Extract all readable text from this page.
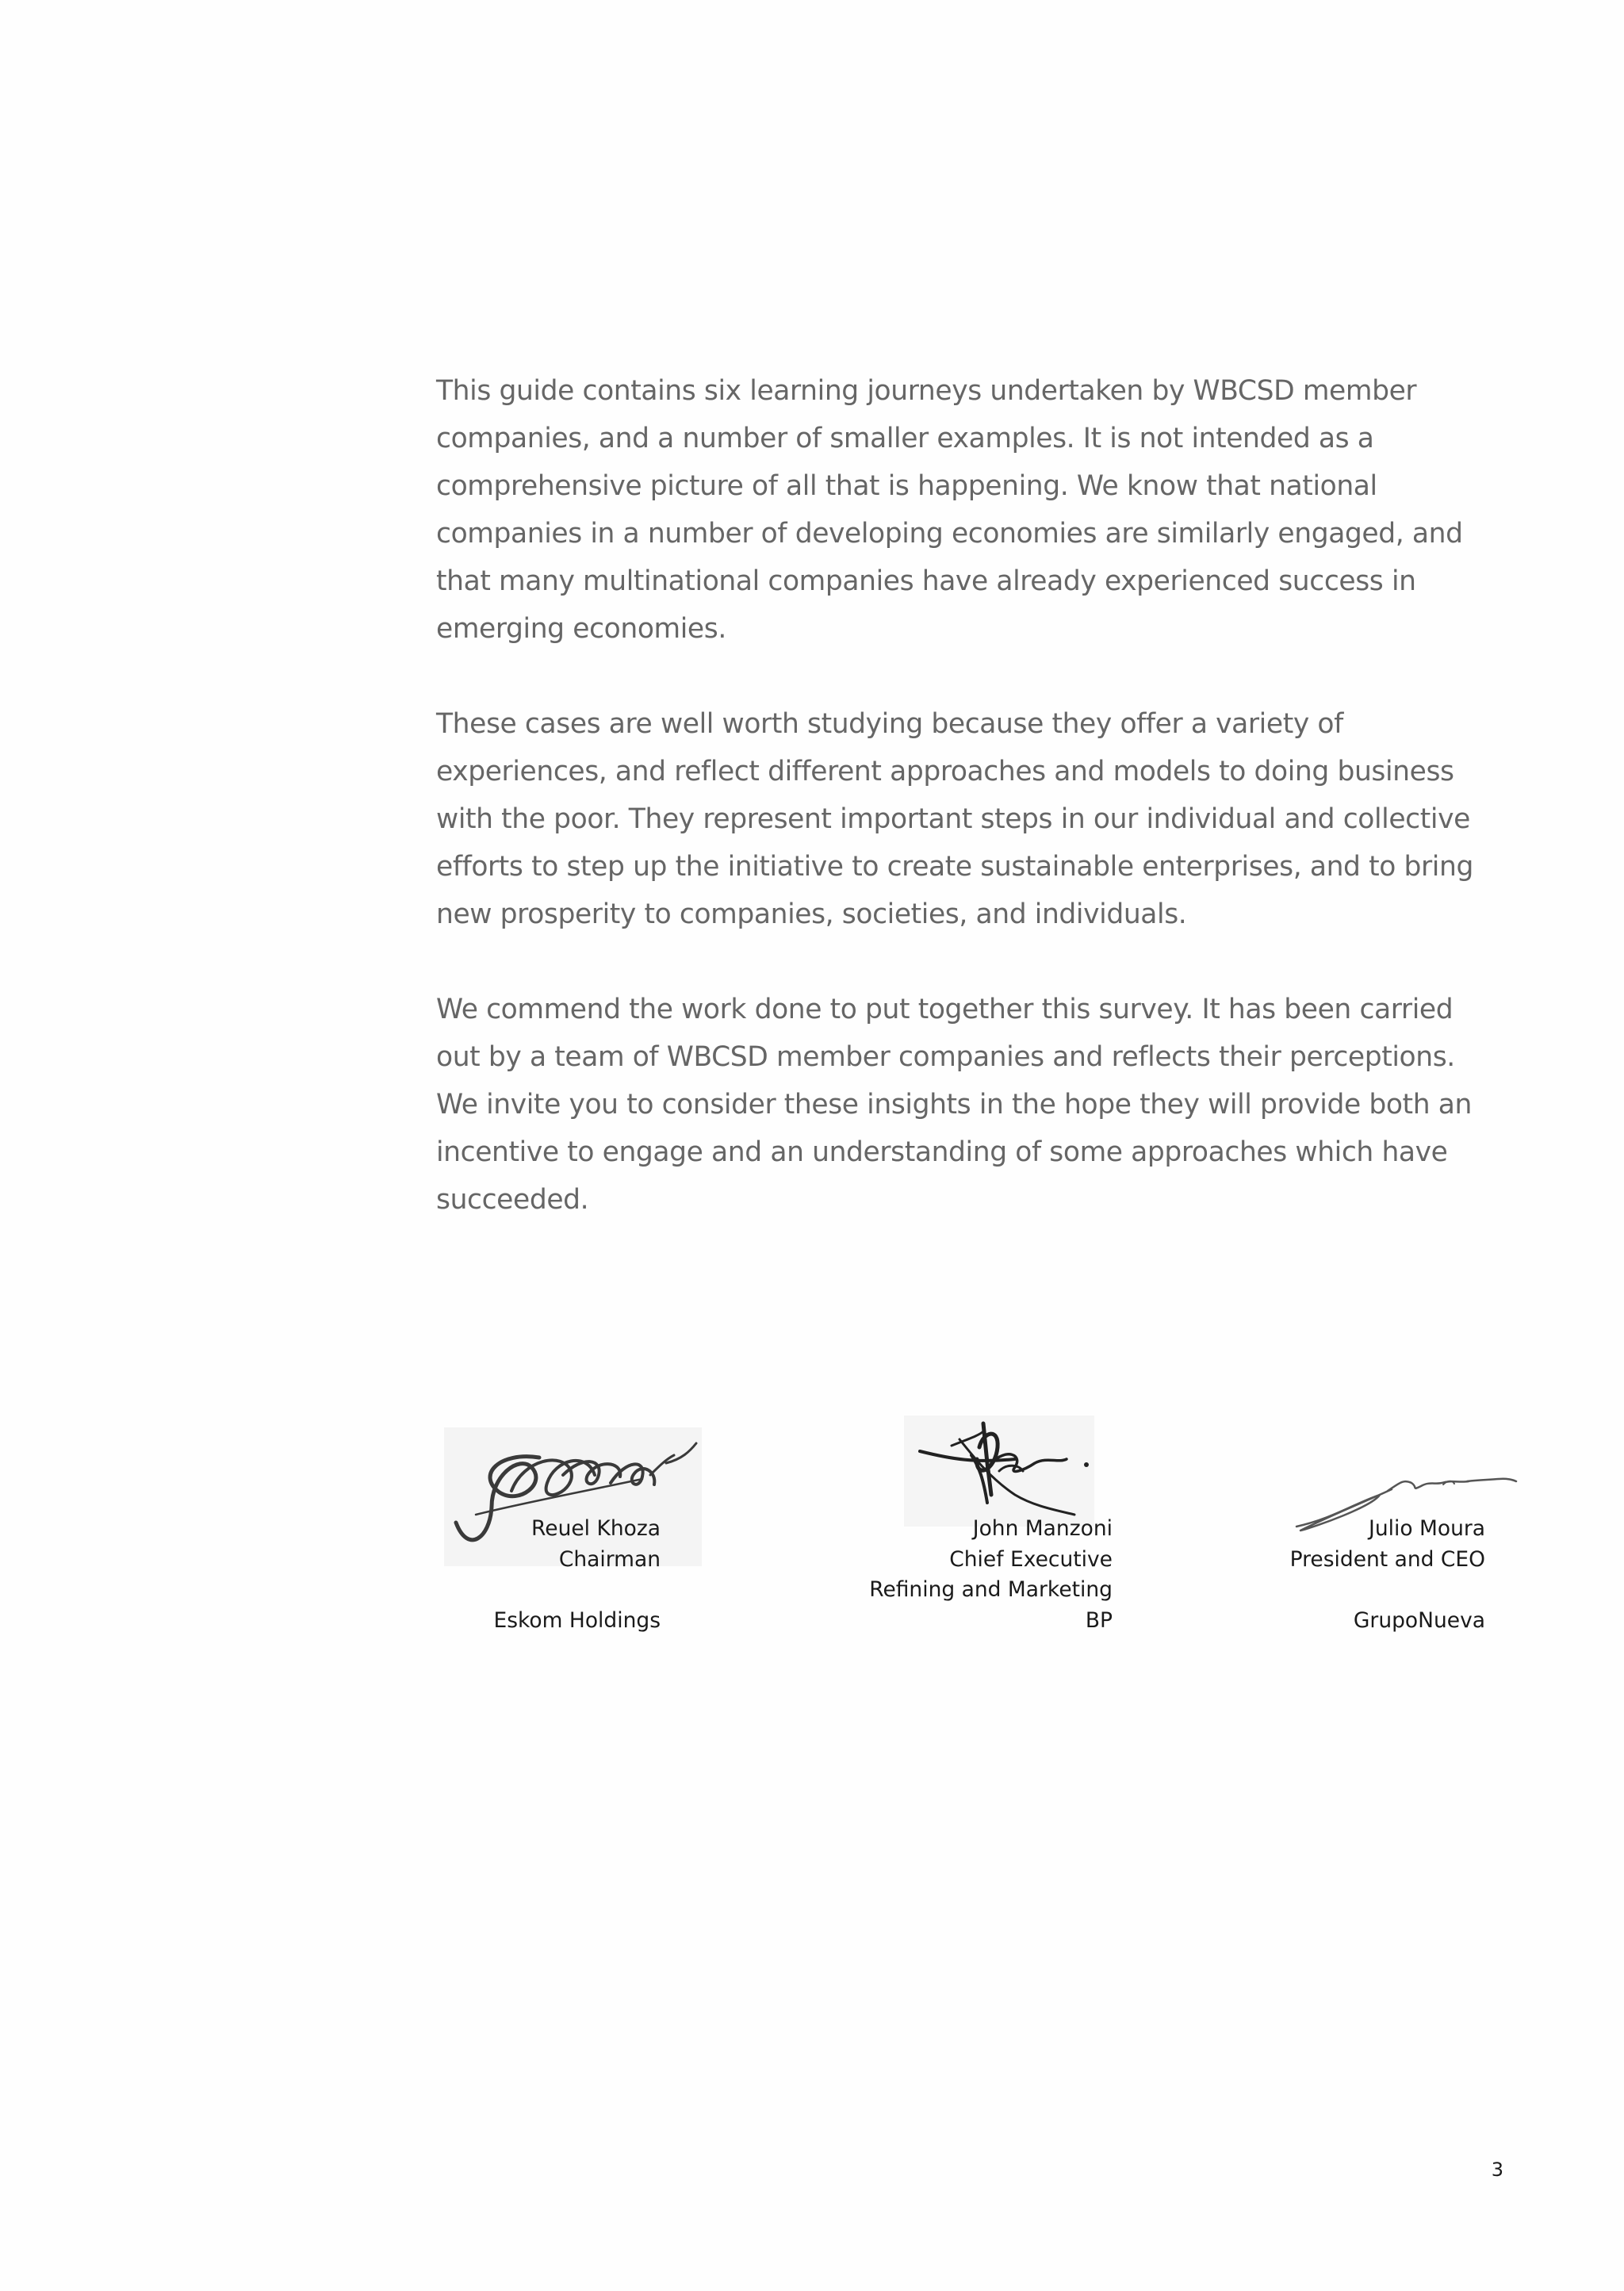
This guide contains six learning journeys undertaken by WBCSD member companies, and a number of smaller examples. It is not intended as a comprehensive picture of all that is happening. We know that national companies in a number of developing economies are similarly engaged, and that many multinational companies have already experienced success in emerging economies.

These cases are well worth studying because they offer a variety of experiences, and reflect different approaches and models to doing business with the poor. They represent important steps in our individual and collective efforts to step up the initiative to create sustainable enterprises, and to bring new prosperity to companies, societies, and individuals.

We commend the work done to put together this survey. It has been carried out by a team of WBCSD member companies and reflects their perceptions. We invite you to consider these insights in the hope they will provide both an incentive to engage and an understanding of some approaches which have succeeded.

Reuel Khoza
Chairman
Eskom Holdings
John Manzoni
Chief Executive
Refining and Marketing
BP
Julio Moura
President and CEO
GrupoNueva
3
